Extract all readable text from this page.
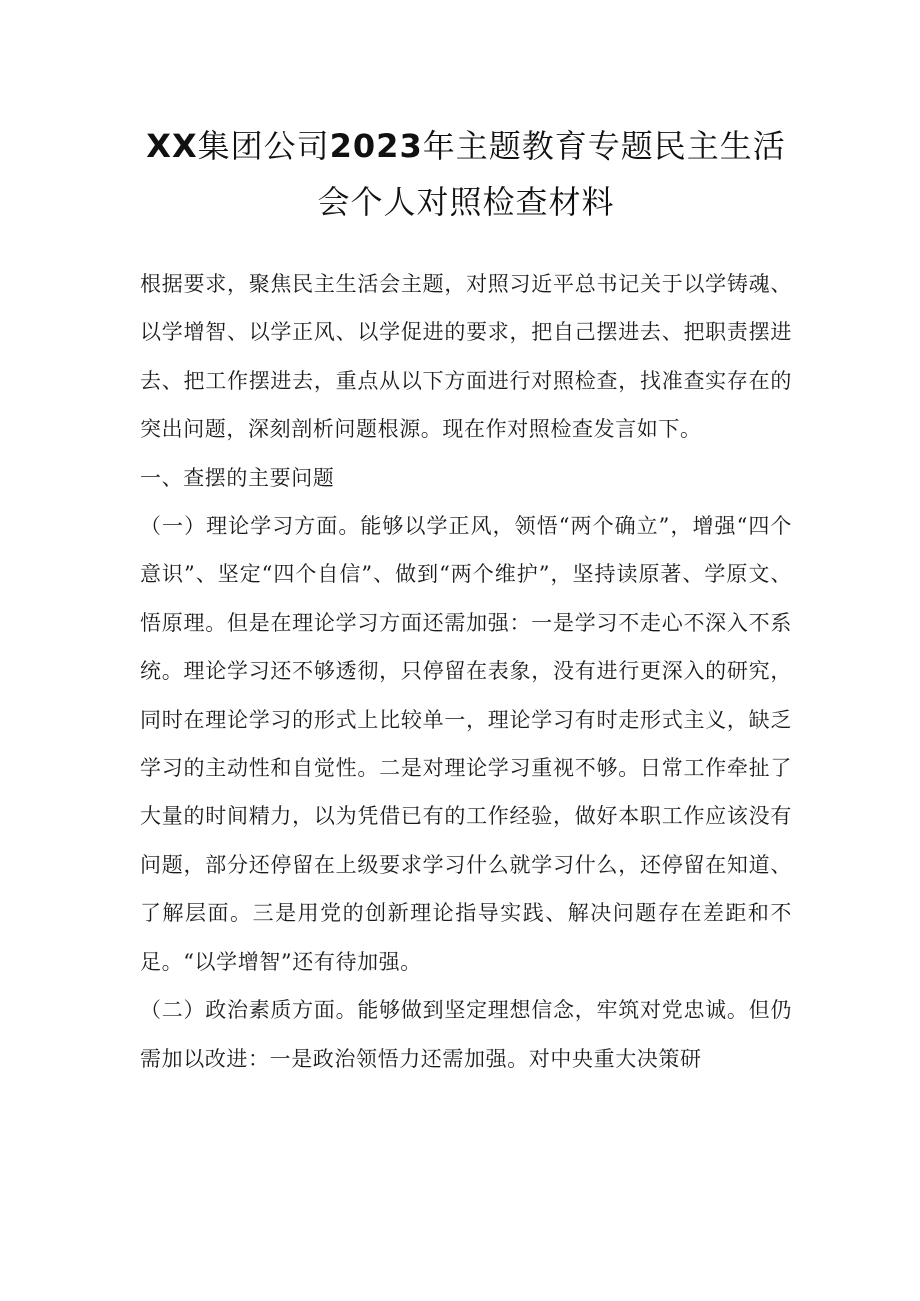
XX集团公司2023年主题教育专题民主生活
会个人对照检查材料

根据要求，聚焦民主生活会主题，对照习近平总书记关于以学铸魂、以学增智、以学正风、以学促进的要求，把自己摆进去、把职责摆进去、把工作摆进去，重点从以下方面进行对照检查，找准查实存在的突出问题，深刻剖析问题根源。现在作对照检查发言如下。

一、查摆的主要问题

（一）理论学习方面。能够以学正风，领悟“两个确立”，增强“四个意识”、坚定“四个自信”、做到“两个维护”，坚持读原著、学原文、悟原理。但是在理论学习方面还需加强：一是学习不走心不深入不系统。理论学习还不够透彻，只停留在表象，没有进行更深入的研究，同时在理论学习的形式上比较单一，理论学习有时走形式主义，缺乏学习的主动性和自觉性。二是对理论学习重视不够。日常工作牵扯了大量的时间精力，以为凭借已有的工作经验，做好本职工作应该没有问题，部分还停留在上级要求学习什么就学习什么，还停留在知道、了解层面。三是用党的创新理论指导实践、解决问题存在差距和不足。“以学增智”还有待加强。

（二）政治素质方面。能够做到坚定理想信念，牢筑对党忠诚。但仍需加以改进：一是政治领悟力还需加强。对中央重大决策研
